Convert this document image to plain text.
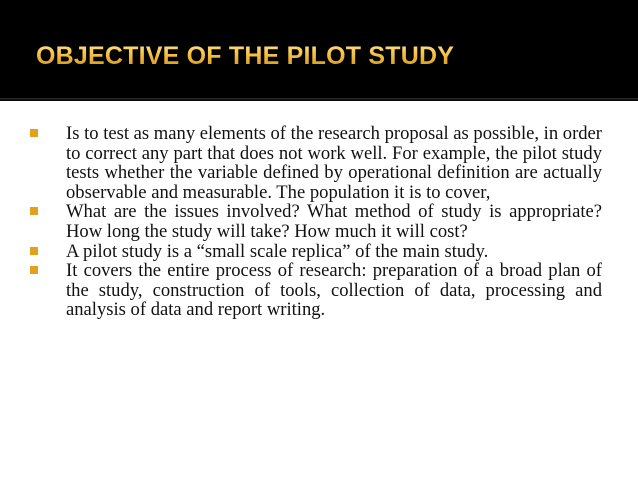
OBJECTIVE OF THE PILOT STUDY
Is to test as many elements of the research proposal as possible, in order to correct any part that does not work well. For example, the pilot study tests whether the variable defined by operational definition are actually observable and measurable. The population it is to cover,
What are the issues involved? What method of study is appropriate? How long the study will take? How much it will cost?
A pilot study is a “small scale replica” of the main study.
It covers the entire process of research: preparation of a broad plan of the study, construction of tools, collection of data, processing and analysis of data and report writing.
